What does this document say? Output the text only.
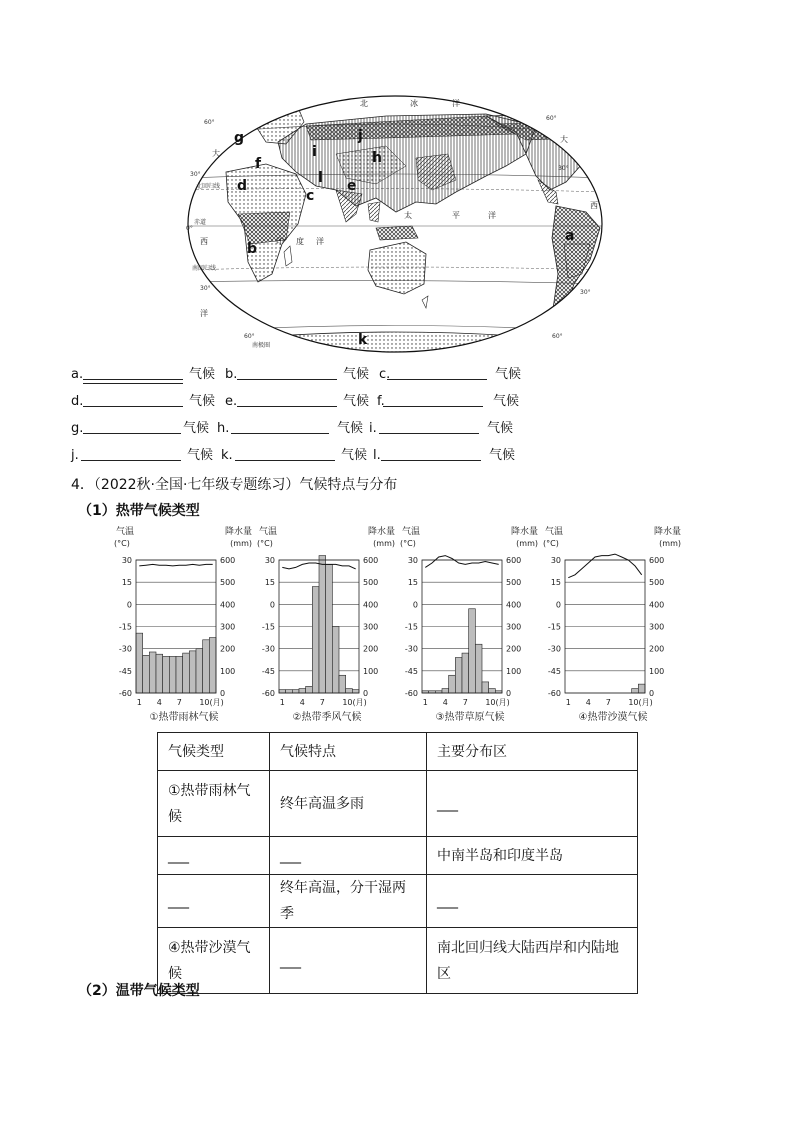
北	冰	洋
大
西	印 度 洋
太	平	洋
大
西
洋
60°
30°
0°
30°
60°
60°
30°
30°
60°
北回归线
赤道
南回归线
南极圈
a
b
c
d	e
f
g
h
i
j
k
l
a.	气候 b.	气候 c.	气候
d.	气候 e.	气候 f.	气候
g.	气候 h.	气候 i.	气候
j.	气候 k.	气候 l.	气候
4．（2022秋·全国·七年级专题练习）气候特点与分布
（1）热带气候类型
气温
(°C)
降水量
(mm)
30	600
15	500
0	400
-15	300
-30	200
-45	100
-60	0
1 4 7 10(月)
①热带雨林气候
气温
(°C)
降水量
(mm)
30	600
15	500
0	400
-15	300
-30	200
-45	100
-60	0
1 4 7 10(月)
②热带季风气候
气温
(°C)
降水量
(mm)
30	600
15	500
0	400
-15	300
-30	200
-45	100
-60	0
1 4 7 10(月)
③热带草原气候
气温
(°C)
降水量
(mm)
30	600
15	500
0	400
-15	300
-30	200
-45	100
-60	0
1 4 7 10(月)
④热带沙漠气候
气候类型	气候特点	主要分布区
①热带雨林气候	终年高温多雨	___
___	___	中南半岛和印度半岛
___	终年高温，分干湿两季	___
④热带沙漠气候	___	南北回归线大陆西岸和内陆地区
（2）温带气候类型
